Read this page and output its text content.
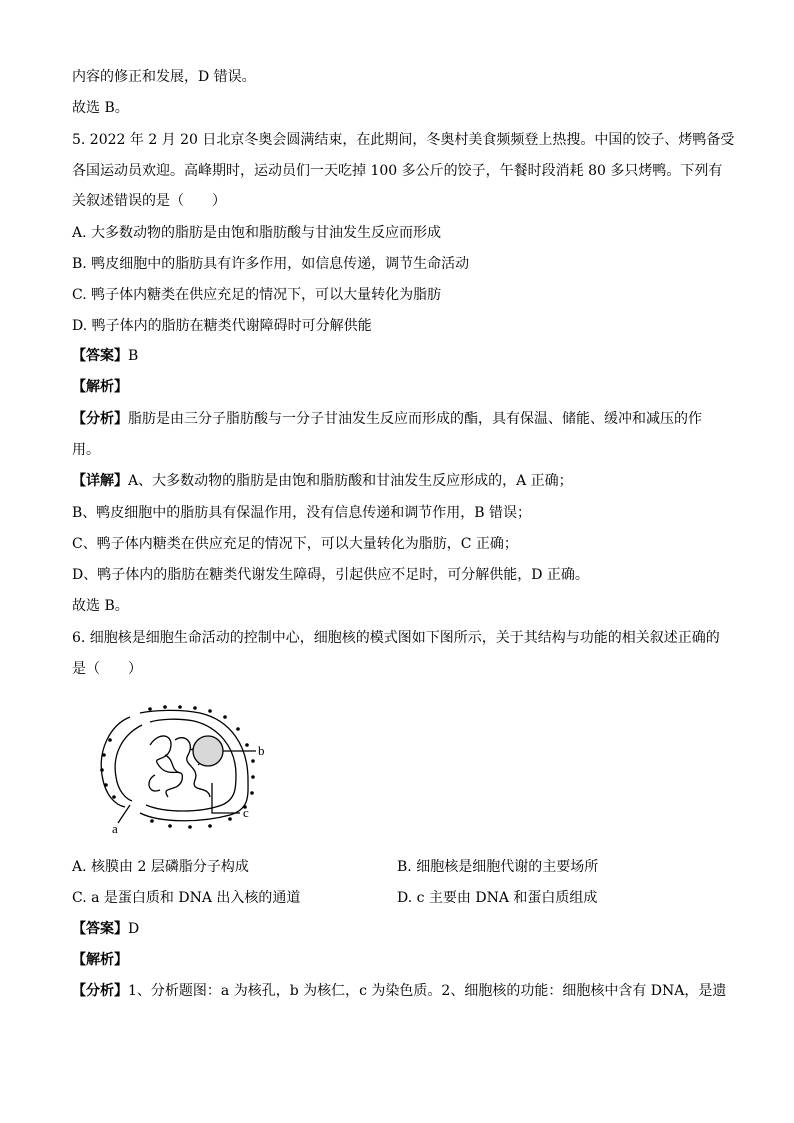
内容的修正和发展，D 错误。
故选 B。
5. 2022 年 2 月 20 日北京冬奥会圆满结束，在此期间，冬奥村美食频频登上热搜。中国的饺子、烤鸭备受
各国运动员欢迎。高峰期时，运动员们一天吃掉 100 多公斤的饺子，午餐时段消耗 80 多只烤鸭。下列有
关叙述错误的是（　　）
A. 大多数动物的脂肪是由饱和脂肪酸与甘油发生反应而形成
B. 鸭皮细胞中的脂肪具有许多作用，如信息传递，调节生命活动
C. 鸭子体内糖类在供应充足的情况下，可以大量转化为脂肪
D. 鸭子体内的脂肪在糖类代谢障碍时可分解供能
【答案】B
【解析】
【分析】脂肪是由三分子脂肪酸与一分子甘油发生反应而形成的酯，具有保温、储能、缓冲和减压的作
用。
【详解】A、大多数动物的脂肪是由饱和脂肪酸和甘油发生反应形成的，A 正确；
B、鸭皮细胞中的脂肪具有保温作用，没有信息传递和调节作用，B 错误；
C、鸭子体内糖类在供应充足的情况下，可以大量转化为脂肪，C 正确；
D、鸭子体内的脂肪在糖类代谢发生障碍，引起供应不足时，可分解供能，D 正确。
故选 B。
6. 细胞核是细胞生命活动的控制中心，细胞核的模式图如下图所示，关于其结构与功能的相关叙述正确的
是（　　）
b
c
a
A. 核膜由 2 层磷脂分子构成	B. 细胞核是细胞代谢的主要场所
C. a 是蛋白质和 DNA 出入核的通道	D. c 主要由 DNA 和蛋白质组成
【答案】D
【解析】
【分析】1、分析题图：a 为核孔，b 为核仁，c 为染色质。2、细胞核的功能：细胞核中含有 DNA，是遗
